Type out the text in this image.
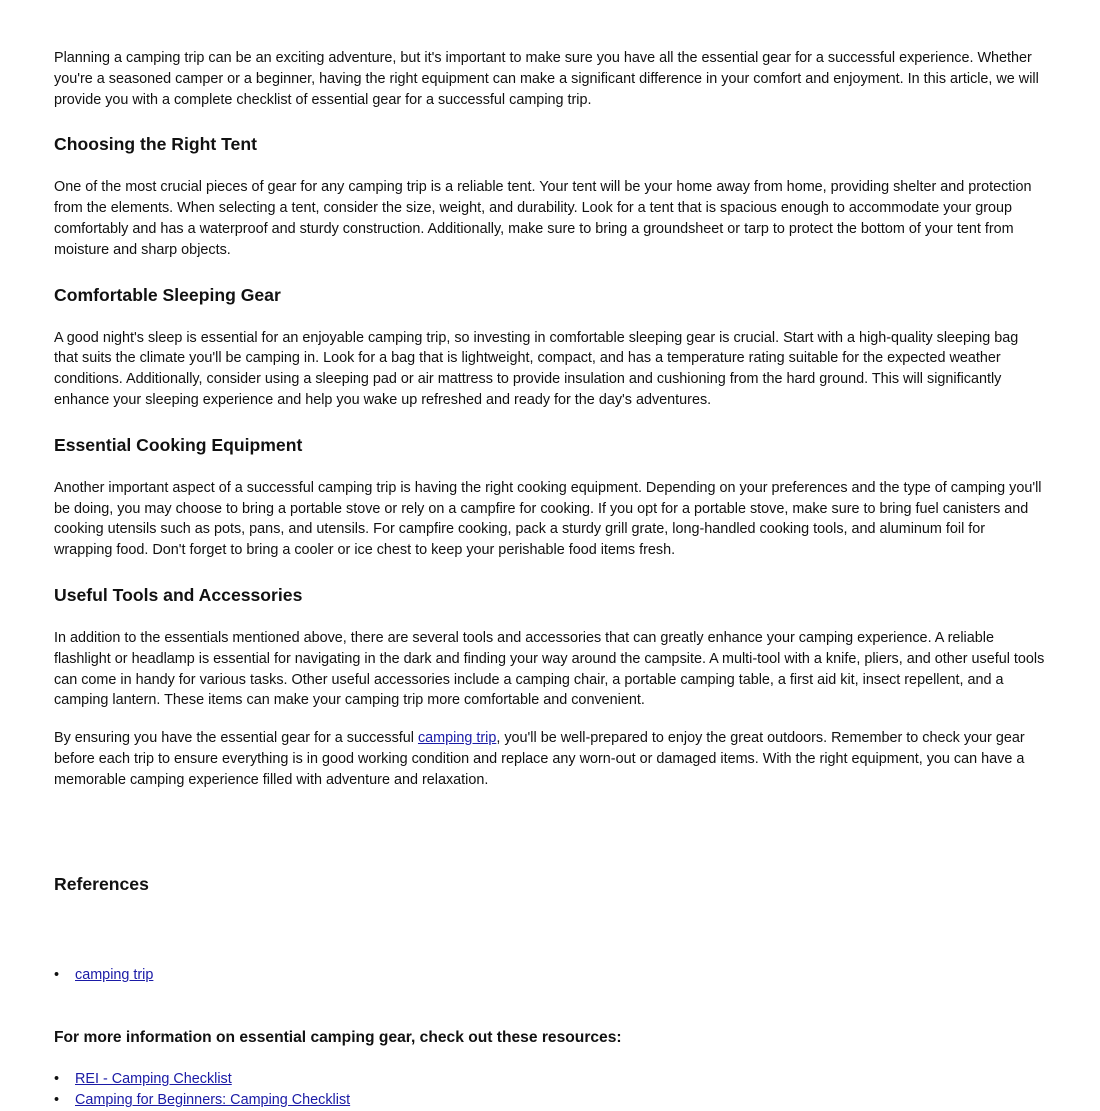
Planning a camping trip can be an exciting adventure, but it's important to make sure you have all the essential gear for a successful experience. Whether you're a seasoned camper or a beginner, having the right equipment can make a significant difference in your comfort and enjoyment. In this article, we will provide you with a complete checklist of essential gear for a successful camping trip.

Choosing the Right Tent

One of the most crucial pieces of gear for any camping trip is a reliable tent. Your tent will be your home away from home, providing shelter and protection from the elements. When selecting a tent, consider the size, weight, and durability. Look for a tent that is spacious enough to accommodate your group comfortably and has a waterproof and sturdy construction. Additionally, make sure to bring a groundsheet or tarp to protect the bottom of your tent from moisture and sharp objects.

Comfortable Sleeping Gear

A good night's sleep is essential for an enjoyable camping trip, so investing in comfortable sleeping gear is crucial. Start with a high-quality sleeping bag that suits the climate you'll be camping in. Look for a bag that is lightweight, compact, and has a temperature rating suitable for the expected weather conditions. Additionally, consider using a sleeping pad or air mattress to provide insulation and cushioning from the hard ground. This will significantly enhance your sleeping experience and help you wake up refreshed and ready for the day's adventures.

Essential Cooking Equipment

Another important aspect of a successful camping trip is having the right cooking equipment. Depending on your preferences and the type of camping you'll be doing, you may choose to bring a portable stove or rely on a campfire for cooking. If you opt for a portable stove, make sure to bring fuel canisters and cooking utensils such as pots, pans, and utensils. For campfire cooking, pack a sturdy grill grate, long-handled cooking tools, and aluminum foil for wrapping food. Don't forget to bring a cooler or ice chest to keep your perishable food items fresh.

Useful Tools and Accessories

In addition to the essentials mentioned above, there are several tools and accessories that can greatly enhance your camping experience. A reliable flashlight or headlamp is essential for navigating in the dark and finding your way around the campsite. A multi-tool with a knife, pliers, and other useful tools can come in handy for various tasks. Other useful accessories include a camping chair, a portable camping table, a first aid kit, insect repellent, and a camping lantern. These items can make your camping trip more comfortable and convenient.

By ensuring you have the essential gear for a successful camping trip, you'll be well-prepared to enjoy the great outdoors. Remember to check your gear before each trip to ensure everything is in good working condition and replace any worn-out or damaged items. With the right equipment, you can have a memorable camping experience filled with adventure and relaxation.

References
• camping trip
For more information on essential camping gear, check out these resources:
• REI - Camping Checklist
• Camping for Beginners: Camping Checklist
